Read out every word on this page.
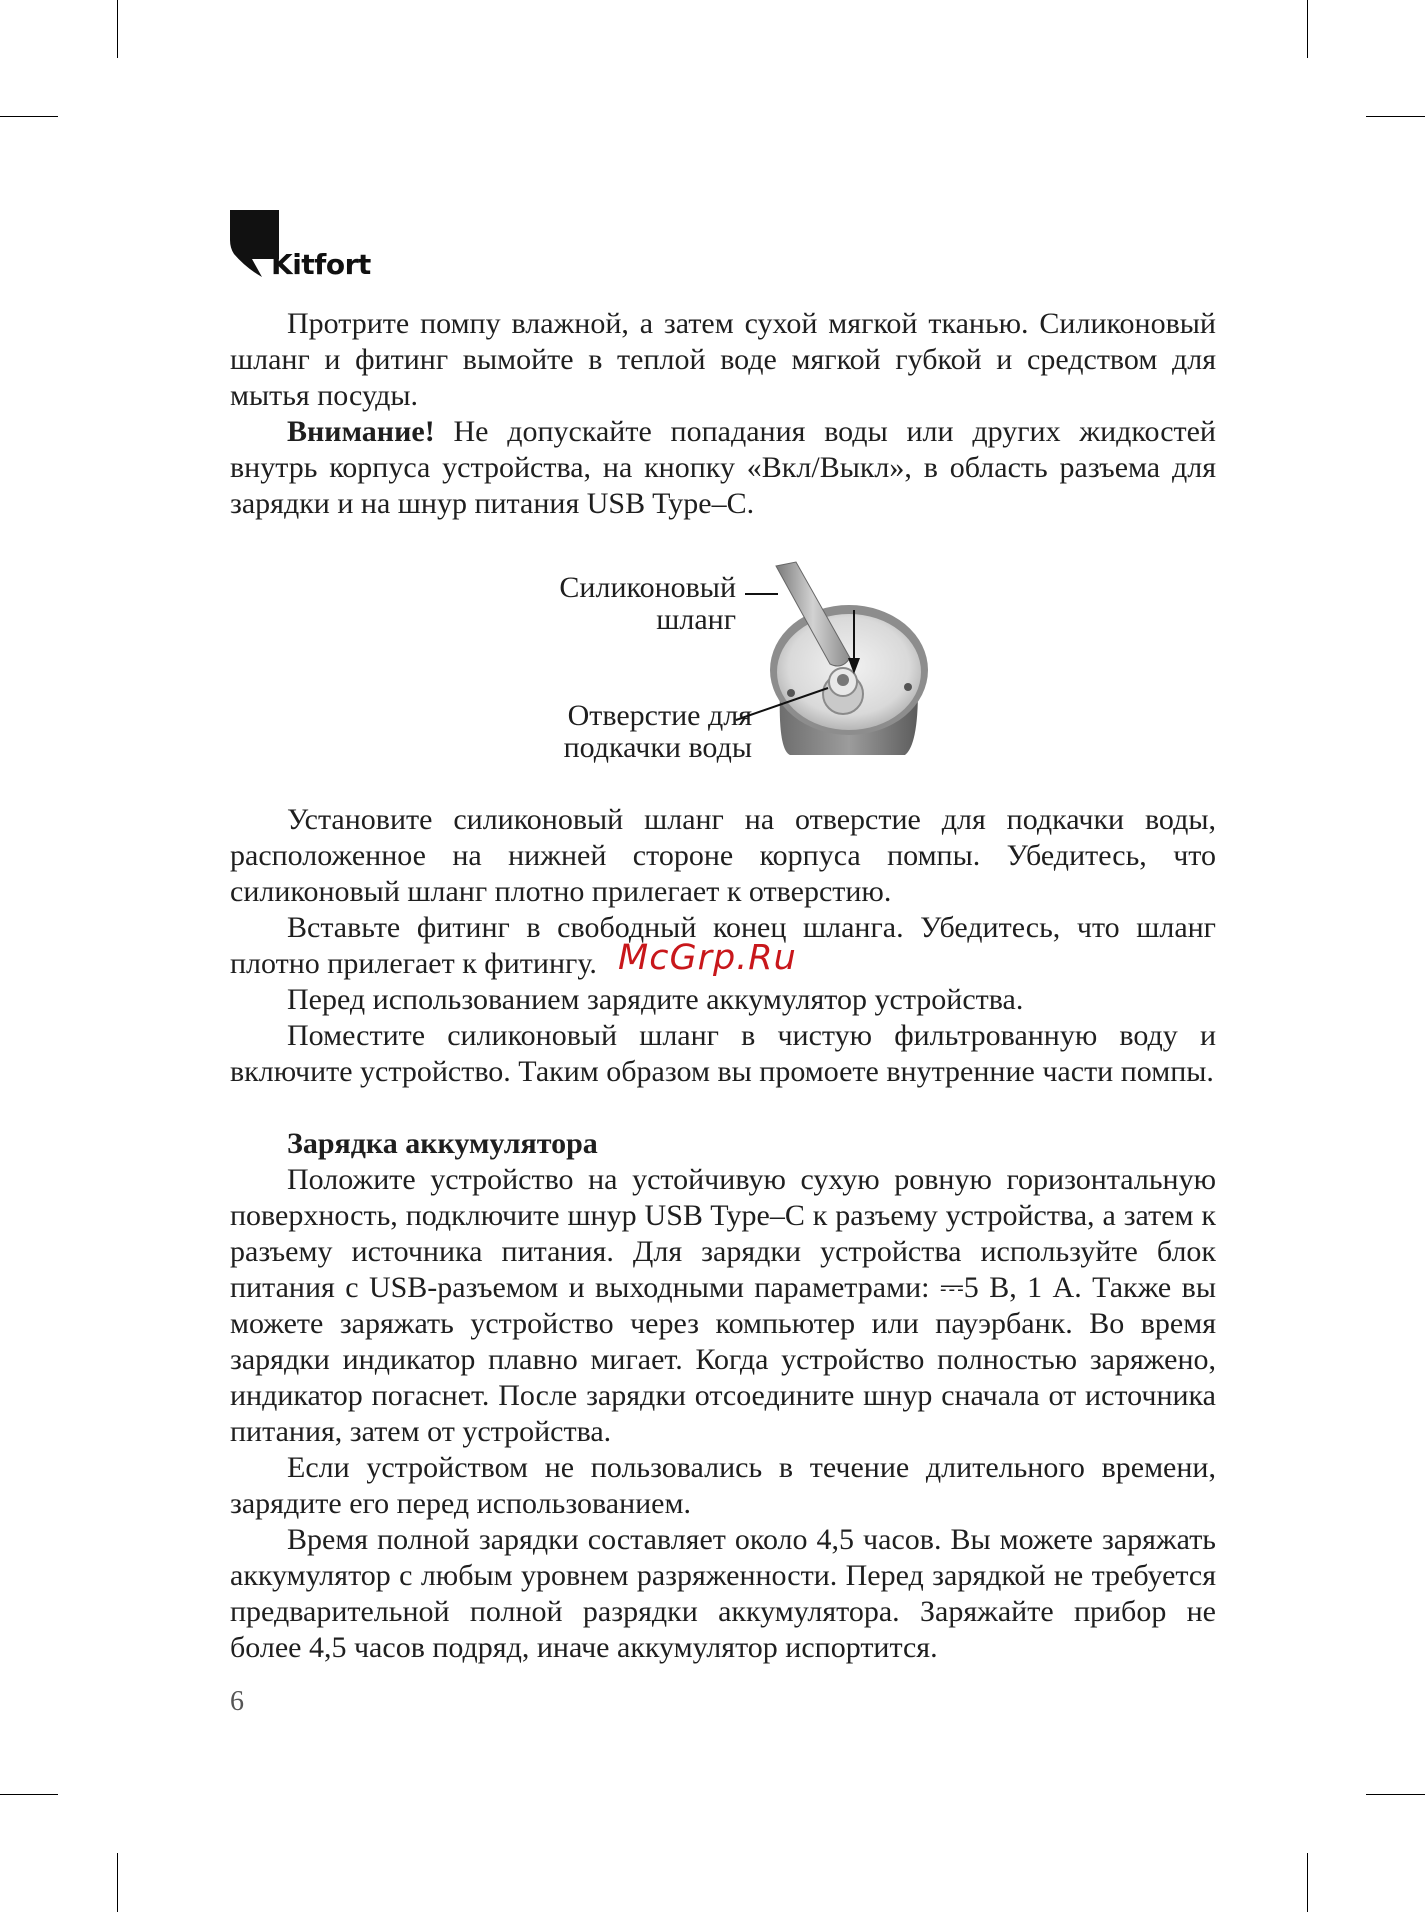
Kitfort

Протрите помпу влажной, а затем сухой мягкой тканью. Силиконовый шланг и фитинг вымойте в теплой воде мягкой губкой и средством для мытья посуды.

Внимание! Не допускайте попадания воды или других жидкостей внутрь корпуса устройства, на кнопку «Вкл/Выкл», в область разъема для зарядки и на шнур питания USB Type–C.

Силиконовый
шланг
Отверстие для
подкачки воды

Установите силиконовый шланг на отверстие для подкачки воды, расположенное на нижней стороне корпуса помпы. Убедитесь, что силиконовый шланг плотно прилегает к отверстию.

Вставьте фитинг в свободный конец шланга. Убедитесь, что шланг плотно прилегает к фитингу.

Перед использованием зарядите аккумулятор устройства.

Поместите силиконовый шланг в чистую фильтрованную воду и включите устройство. Таким образом вы промоете внутренние части помпы.

Зарядка аккумулятора

Положите устройство на устойчивую сухую ровную горизонтальную поверхность, подключите шнур USB Type–C к разъему устройства, а затем к разъему источника питания. Для зарядки устройства используйте блок питания с USB-разъемом и выходными параметрами: ⎓5 В, 1 А. Также вы можете заряжать устройство через компьютер или пауэрбанк. Во время зарядки индикатор плавно мигает. Когда устройство полностью заряжено, индикатор погаснет. После зарядки отсоедините шнур сначала от источника питания, затем от устройства.

Если устройством не пользовались в течение длительного времени, зарядите его перед использованием.

Время полной зарядки составляет около 4,5 часов. Вы можете заряжать аккумулятор с любым уровнем разряженности. Перед зарядкой не требуется предварительной полной разрядки аккумулятора. Заряжайте прибор не более 4,5 часов подряд, иначе аккумулятор испортится.

McGrp.Ru
6
